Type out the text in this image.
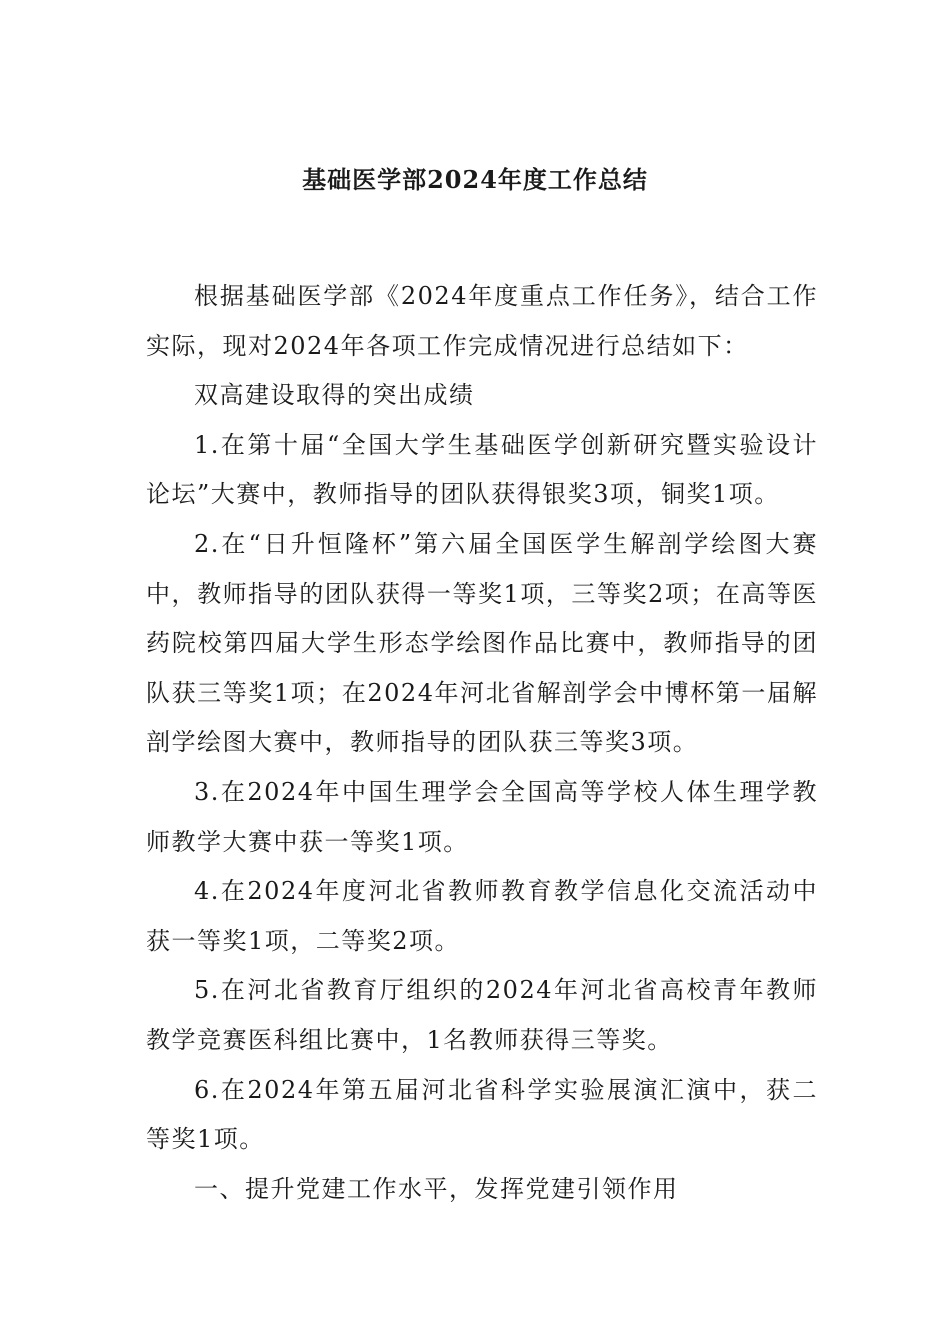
基础医学部2024年度工作总结

根据基础医学部《2024年度重点工作任务》，结合工作实际，现对2024年各项工作完成情况进行总结如下：

双高建设取得的突出成绩

1.在第十届“全国大学生基础医学创新研究暨实验设计论坛”大赛中，教师指导的团队获得银奖3项，铜奖1项。

2.在“日升恒隆杯”第六届全国医学生解剖学绘图大赛中，教师指导的团队获得一等奖1项，三等奖2项；在高等医药院校第四届大学生形态学绘图作品比赛中，教师指导的团队获三等奖1项；在2024年河北省解剖学会中博杯第一届解剖学绘图大赛中，教师指导的团队获三等奖3项。

3.在2024年中国生理学会全国高等学校人体生理学教师教学大赛中获一等奖1项。

4.在2024年度河北省教师教育教学信息化交流活动中获一等奖1项，二等奖2项。

5.在河北省教育厅组织的2024年河北省高校青年教师教学竞赛医科组比赛中，1名教师获得三等奖。

6.在2024年第五届河北省科学实验展演汇演中，获二等奖1项。

一、提升党建工作水平，发挥党建引领作用
